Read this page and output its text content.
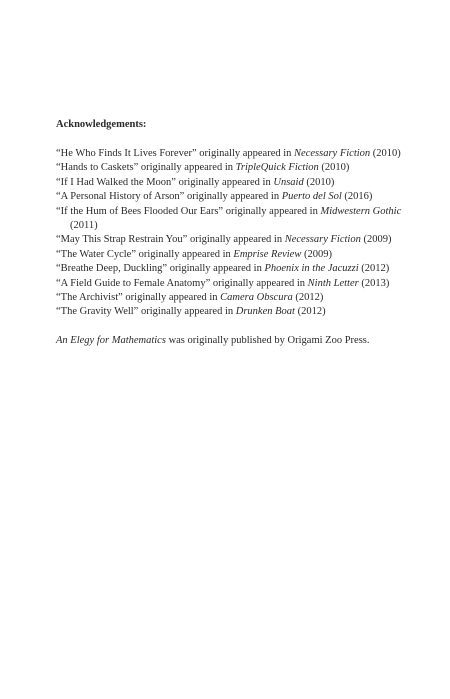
Acknowledgements:

“He Who Finds It Lives Forever” originally appeared in Necessary Fiction (2010)
“Hands to Caskets” originally appeared in TripleQuick Fiction (2010)
“If I Had Walked the Moon” originally appeared in Unsaid (2010)
“A Personal History of Arson” originally appeared in Puerto del Sol (2016)
“If the Hum of Bees Flooded Our Ears” originally appeared in Midwestern Gothic
(2011)
“May This Strap Restrain You” originally appeared in Necessary Fiction (2009)
“The Water Cycle” originally appeared in Emprise Review (2009)
“Breathe Deep, Duckling” originally appeared in Phoenix in the Jacuzzi (2012)
“A Field Guide to Female Anatomy” originally appeared in Ninth Letter (2013)
“The Archivist” originally appeared in Camera Obscura (2012)
“The Gravity Well” originally appeared in Drunken Boat (2012)

An Elegy for Mathematics was originally published by Origami Zoo Press.
